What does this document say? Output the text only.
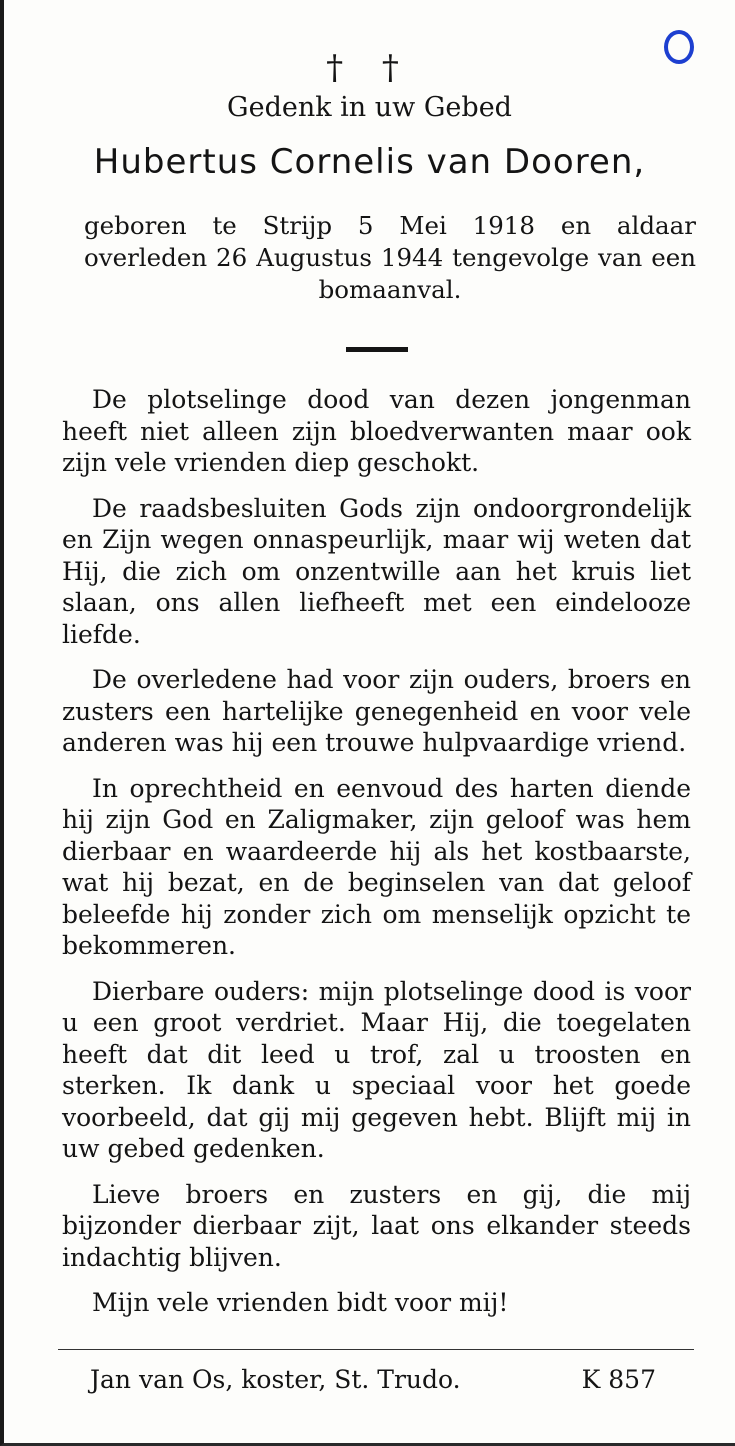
† †
Gedenk in uw Gebed
Hubertus Cornelis van Dooren,
geboren te Strijp 5 Mei 1918 en aldaar overleden 26 Augustus 1944 tengevolge van een bomaanval.

De plotselinge dood van dezen jongenman heeft niet alleen zijn bloedverwanten maar ook zijn vele vrienden diep geschokt.

De raadsbesluiten Gods zijn ondoorgrondelijk en Zijn wegen onnaspeurlijk, maar wij weten dat Hij, die zich om onzentwille aan het kruis liet slaan, ons allen liefheeft met een eindelooze liefde.

De overledene had voor zijn ouders, broers en zusters een hartelijke genegenheid en voor vele anderen was hij een trouwe hulpvaardige vriend.

In oprechtheid en eenvoud des harten diende hij zijn God en Zaligmaker, zijn geloof was hem dierbaar en waardeerde hij als het kostbaarste, wat hij bezat, en de beginselen van dat geloof beleefde hij zonder zich om menselijk opzicht te bekommeren.

Dierbare ouders: mijn plotselinge dood is voor u een groot verdriet. Maar Hij, die toegelaten heeft dat dit leed u trof, zal u troosten en sterken. Ik dank u speciaal voor het goede voorbeeld, dat gij mij gegeven hebt. Blijft mij in uw gebed gedenken.

Lieve broers en zusters en gij, die mij bijzonder dierbaar zijt, laat ons elkander steeds indachtig blijven.

Mijn vele vrienden bidt voor mij!

Jan van Os, koster, St. Trudo.	K 857
